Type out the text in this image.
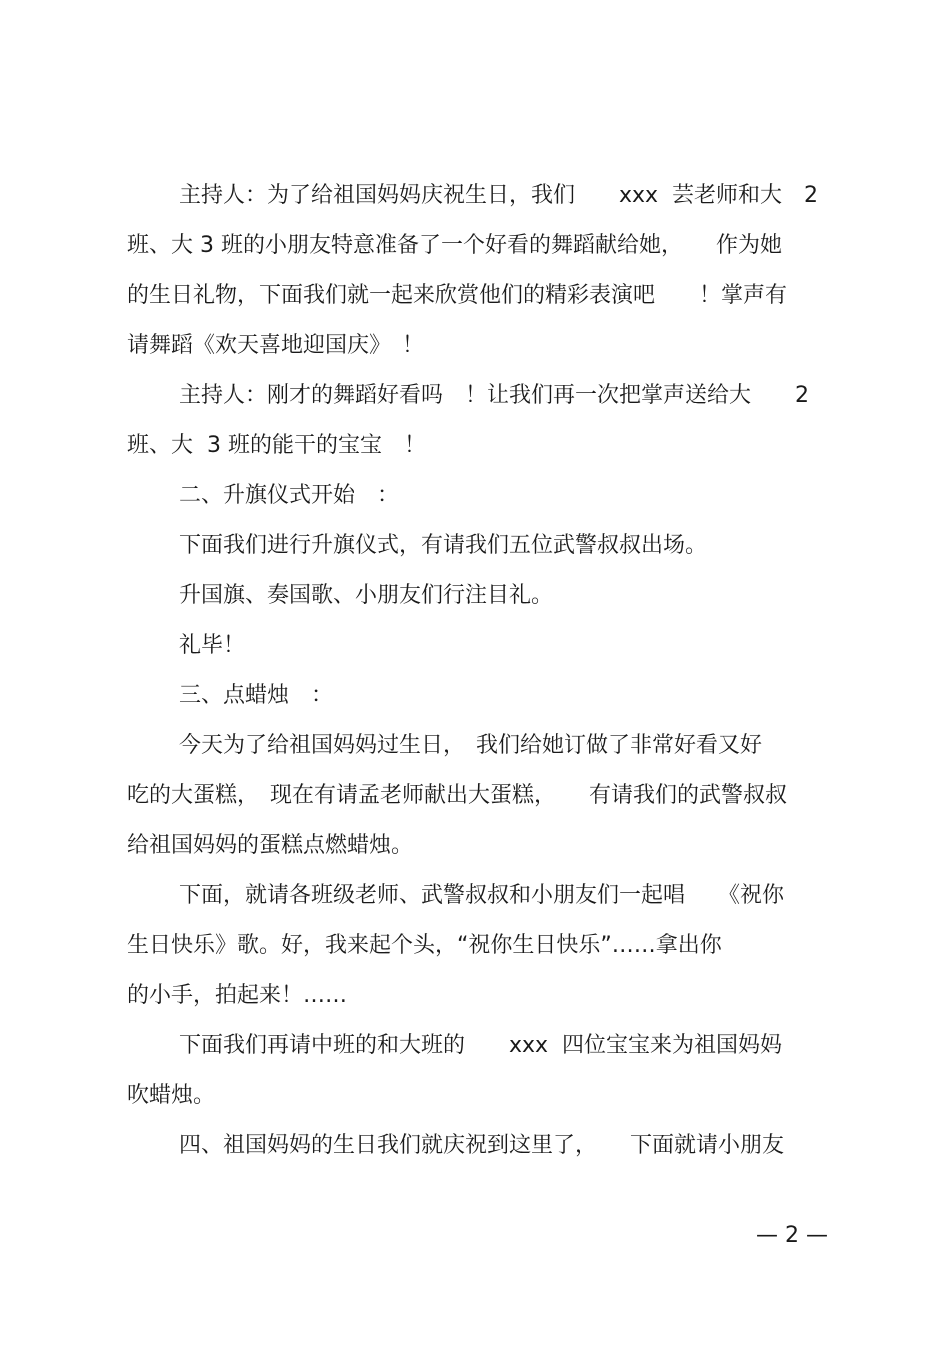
主持人：为了给祖国妈妈庆祝生日，我们　　xxx  芸老师和大　2
班、大 3 班的小朋友特意准备了一个好看的舞蹈献给她，　　作为她
的生日礼物，下面我们就一起来欣赏他们的精彩表演吧　　！掌声有
请舞蹈《欢天喜地迎国庆》　！
主持人：刚才的舞蹈好看吗　！让我们再一次把掌声送给大　　2
班、大  3 班的能干的宝宝　！
二、升旗仪式开始　：
下面我们进行升旗仪式，有请我们五位武警叔叔出场。
升国旗、奏国歌、小朋友们行注目礼。
礼毕！
三、点蜡烛　：
今天为了给祖国妈妈过生日，　我们给她订做了非常好看又好
吃的大蛋糕，　现在有请孟老师献出大蛋糕，　　有请我们的武警叔叔
给祖国妈妈的蛋糕点燃蜡烛。
下面，就请各班级老师、武警叔叔和小朋友们一起唱　　《祝你
生日快乐》歌。好，我来起个头，“祝你生日快乐”……拿出你
的小手，拍起来！……
下面我们再请中班的和大班的　　xxx  四位宝宝来为祖国妈妈
吹蜡烛。
四、祖国妈妈的生日我们就庆祝到这里了，　　下面就请小朋友
— 2 —
